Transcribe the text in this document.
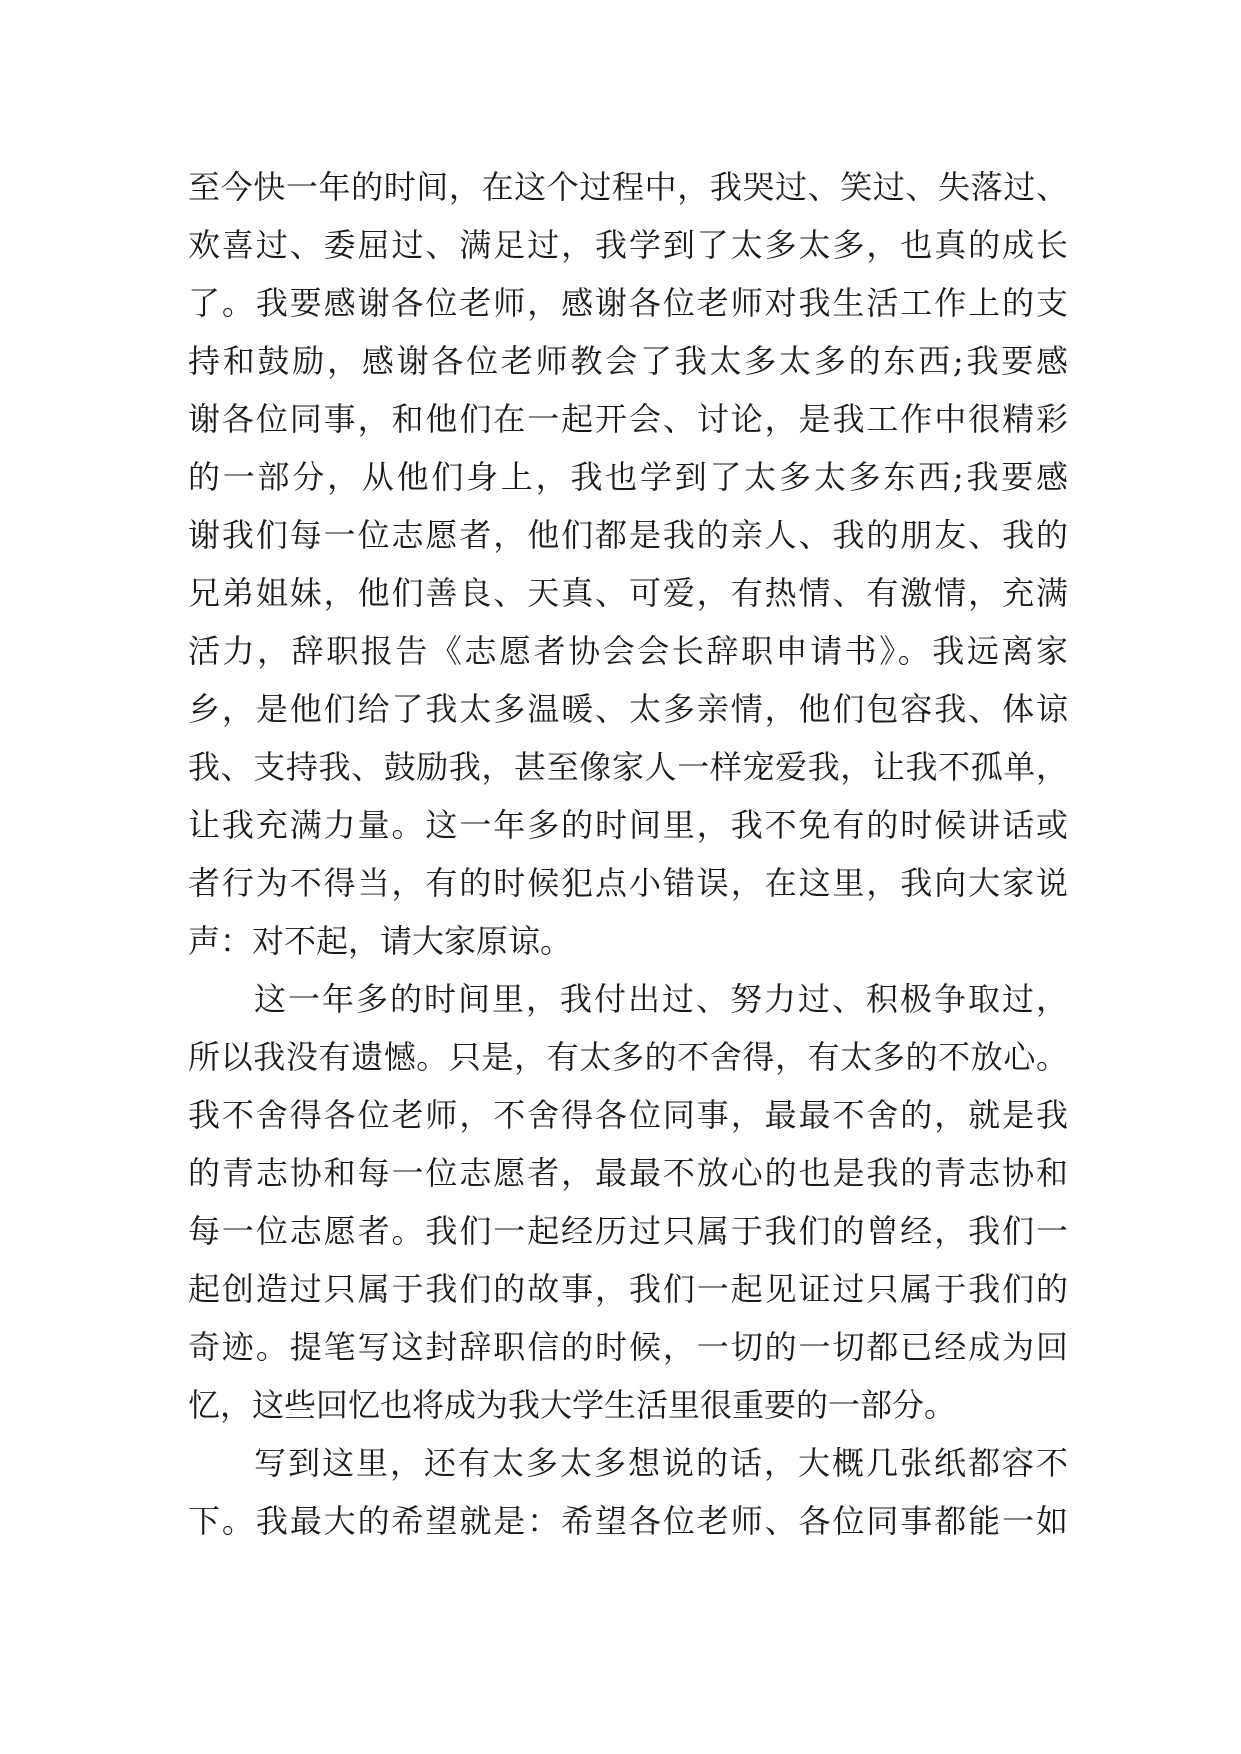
至今快一年的时间，在这个过程中，我哭过、笑过、失落过、
欢喜过、委屈过、满足过，我学到了太多太多，也真的成长
了。我要感谢各位老师，感谢各位老师对我生活工作上的支
持和鼓励，感谢各位老师教会了我太多太多的东西;我要感
谢各位同事，和他们在一起开会、讨论，是我工作中很精彩
的一部分，从他们身上，我也学到了太多太多东西;我要感
谢我们每一位志愿者，他们都是我的亲人、我的朋友、我的
兄弟姐妹，他们善良、天真、可爱，有热情、有激情，充满
活力，辞职报告《志愿者协会会长辞职申请书》。我远离家
乡，是他们给了我太多温暖、太多亲情，他们包容我、体谅
我、支持我、鼓励我，甚至像家人一样宠爱我，让我不孤单，
让我充满力量。这一年多的时间里，我不免有的时候讲话或
者行为不得当，有的时候犯点小错误，在这里，我向大家说
声：对不起，请大家原谅。
这一年多的时间里，我付出过、努力过、积极争取过，
所以我没有遗憾。只是，有太多的不舍得，有太多的不放心。
我不舍得各位老师，不舍得各位同事，最最不舍的，就是我
的青志协和每一位志愿者，最最不放心的也是我的青志协和
每一位志愿者。我们一起经历过只属于我们的曾经，我们一
起创造过只属于我们的故事，我们一起见证过只属于我们的
奇迹。提笔写这封辞职信的时候，一切的一切都已经成为回
忆，这些回忆也将成为我大学生活里很重要的一部分。
写到这里，还有太多太多想说的话，大概几张纸都容不
下。我最大的希望就是：希望各位老师、各位同事都能一如
